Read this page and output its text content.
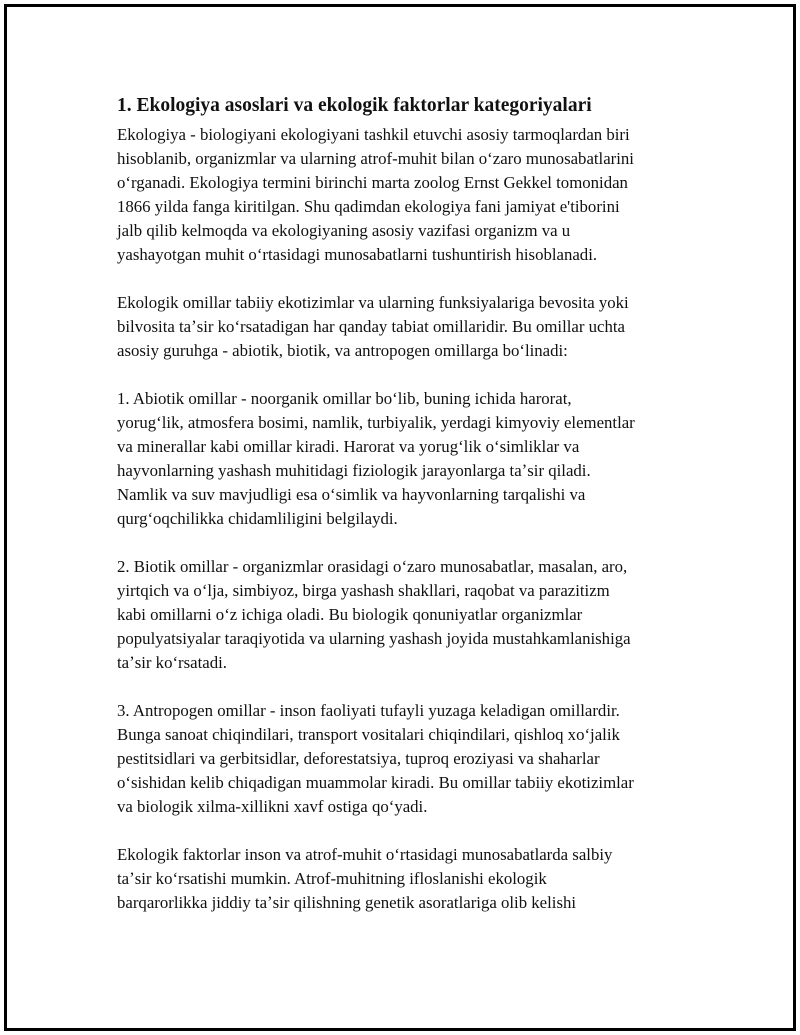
1. Ekologiya asoslari va ekologik faktorlar kategoriyalari

Ekologiya - biologiyani ekologiyani tashkil etuvchi asosiy tarmoqlardan biri
hisoblanib, organizmlar va ularning atrof-muhit bilan oʻzaro munosabatlarini
oʻrganadi. Ekologiya termini birinchi marta zoolog Ernst Gekkel tomonidan
1866 yilda fanga kiritilgan. Shu qadimdan ekologiya fani jamiyat e'tiborini
jalb qilib kelmoqda va ekologiyaning asosiy vazifasi organizm va u
yashayotgan muhit oʻrtasidagi munosabatlarni tushuntirish hisoblanadi.

Ekologik omillar tabiiy ekotizimlar va ularning funksiyalariga bevosita yoki
bilvosita taʼsir koʻrsatadigan har qanday tabiat omillaridir. Bu omillar uchta
asosiy guruhga - abiotik, biotik, va antropogen omillarga boʻlinadi:

1. Abiotik omillar - noorganik omillar boʻlib, buning ichida harorat,
yorugʻlik, atmosfera bosimi, namlik, turbiyalik, yerdagi kimyoviy elementlar
va minerallar kabi omillar kiradi. Harorat va yorugʻlik oʻsimliklar va
hayvonlarning yashash muhitidagi fiziologik jarayonlarga taʼsir qiladi.
Namlik va suv mavjudligi esa oʻsimlik va hayvonlarning tarqalishi va
qurgʻoqchilikka chidamliligini belgilaydi.

2. Biotik omillar - organizmlar orasidagi oʻzaro munosabatlar, masalan, aro,
yirtqich va oʻlja, simbiyoz, birga yashash shakllari, raqobat va parazitizm
kabi omillarni oʻz ichiga oladi. Bu biologik qonuniyatlar organizmlar
populyatsiyalar taraqiyotida va ularning yashash joyida mustahkamlanishiga
taʼsir koʻrsatadi.

3. Antropogen omillar - inson faoliyati tufayli yuzaga keladigan omillardir.
Bunga sanoat chiqindilari, transport vositalari chiqindilari, qishloq xoʻjalik
pestitsidlari va gerbitsidlar, deforestatsiya, tuproq eroziyasi va shaharlar
oʻsishidan kelib chiqadigan muammolar kiradi. Bu omillar tabiiy ekotizimlar
va biologik xilma-xillikni xavf ostiga qoʻyadi.

Ekologik faktorlar inson va atrof-muhit oʻrtasidagi munosabatlarda salbiy
taʼsir koʻrsatishi mumkin. Atrof-muhitning ifloslanishi ekologik
barqarorlikka jiddiy taʼsir qilishning genetik asoratlariga olib kelishi
